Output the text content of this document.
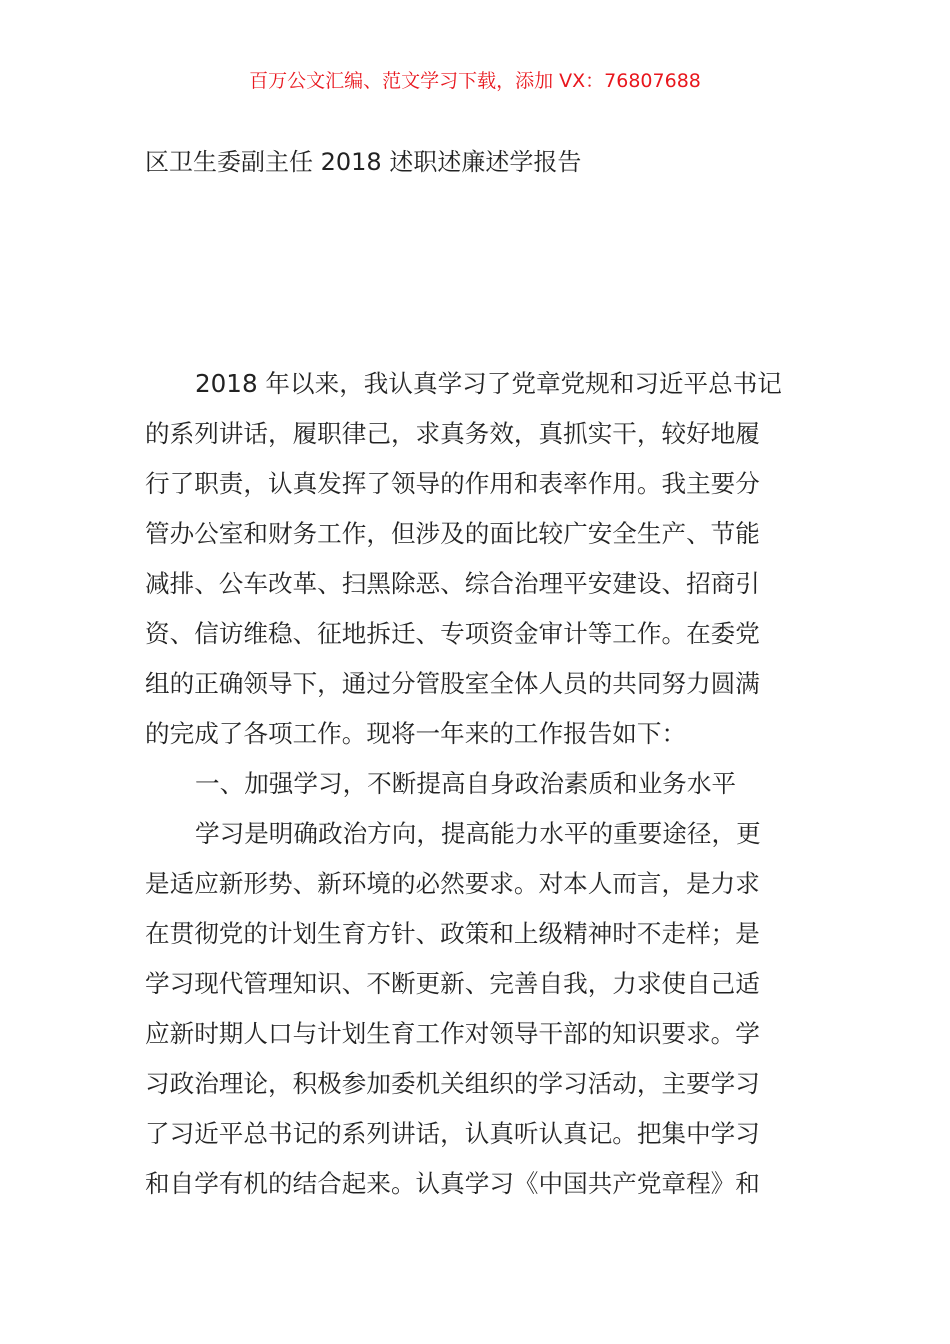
百万公文汇编、范文学习下载，添加 VX：76807688
区卫生委副主任 2018 述职述廉述学报告
2018 年以来，我认真学习了党章党规和习近平总书记
的系列讲话，履职律己，求真务效，真抓实干，较好地履
行了职责，认真发挥了领导的作用和表率作用。我主要分
管办公室和财务工作，但涉及的面比较广安全生产、节能
减排、公车改革、扫黑除恶、综合治理平安建设、招商引
资、信访维稳、征地拆迁、专项资金审计等工作。在委党
组的正确领导下，通过分管股室全体人员的共同努力圆满
的完成了各项工作。现将一年来的工作报告如下：
一、加强学习，不断提高自身政治素质和业务水平
学习是明确政治方向，提高能力水平的重要途径，更
是适应新形势、新环境的必然要求。对本人而言，是力求
在贯彻党的计划生育方针、政策和上级精神时不走样；是
学习现代管理知识、不断更新、完善自我，力求使自己适
应新时期人口与计划生育工作对领导干部的知识要求。学
习政治理论，积极参加委机关组织的学习活动，主要学习
了习近平总书记的系列讲话，认真听认真记。把集中学习
和自学有机的结合起来。认真学习《中国共产党章程》和
